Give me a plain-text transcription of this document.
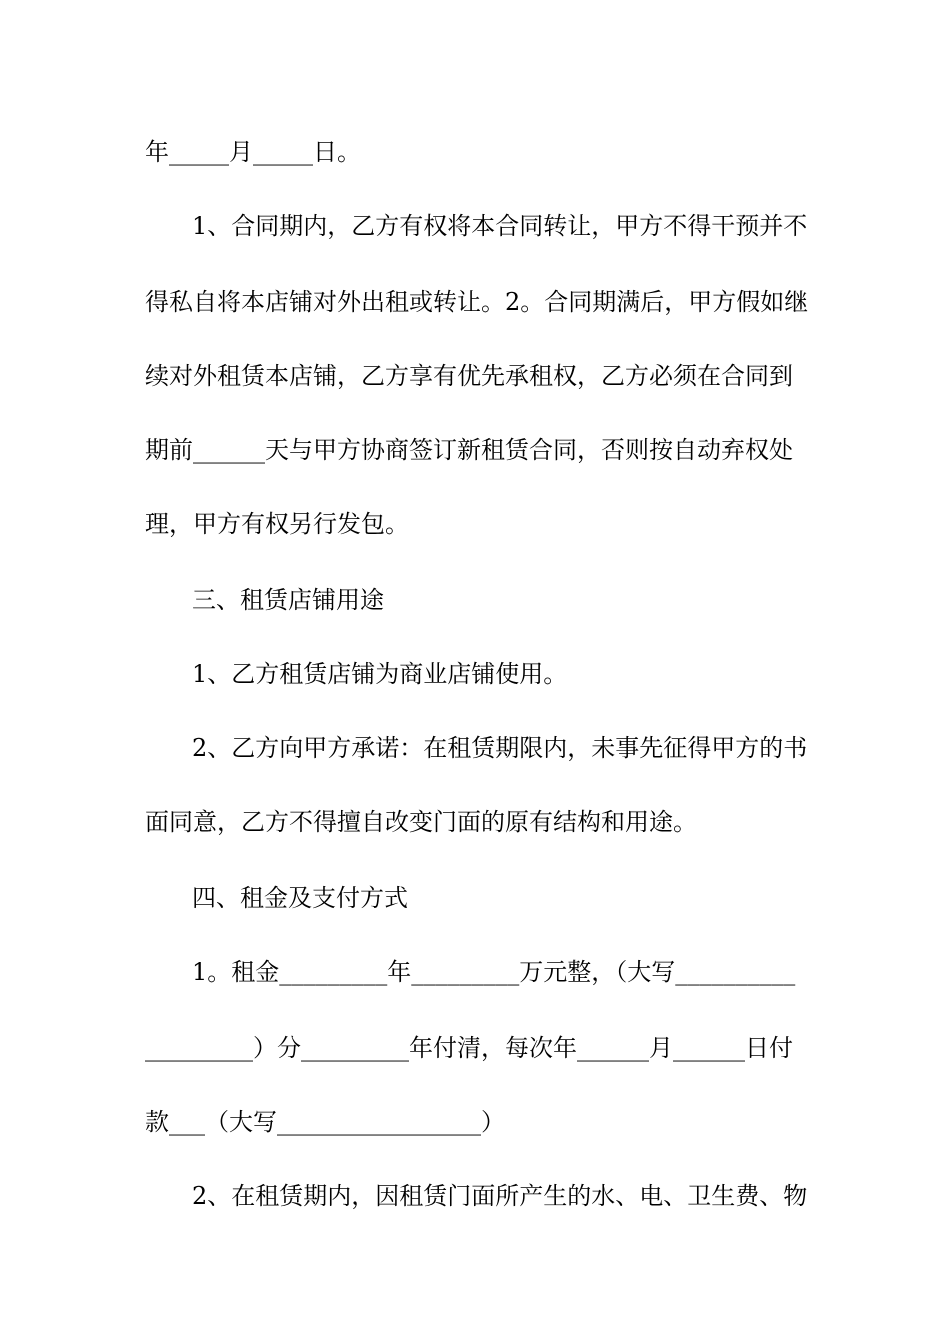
年_____月_____日。
1、合同期内，乙方有权将本合同转让，甲方不得干预并不
得私自将本店铺对外出租或转让。2。合同期满后，甲方假如继
续对外租赁本店铺，乙方享有优先承租权，乙方必须在合同到
期前______天与甲方协商签订新租赁合同，否则按自动弃权处
理，甲方有权另行发包。
三、租赁店铺用途
1、乙方租赁店铺为商业店铺使用。
2、乙方向甲方承诺：在租赁期限内，未事先征得甲方的书
面同意，乙方不得擅自改变门面的原有结构和用途。
四、租金及支付方式
1。租金_________年_________万元整，（大写__________
_________）分_________年付清，每次年______月______日付
款___（大写_________________）
2、在租赁期内，因租赁门面所产生的水、电、卫生费、物
